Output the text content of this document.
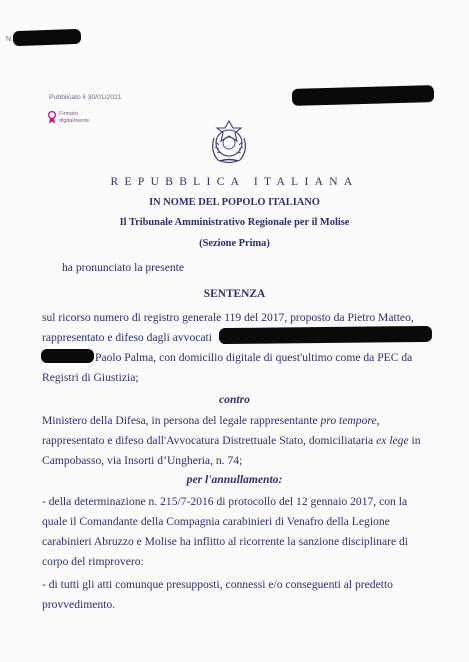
N.
Pubblicato il 30/01/2021
Firmato
digitalmente
REPUBBLICA ITALIANA
IN NOME DEL POPOLO ITALIANO
Il Tribunale Amministrativo Regionale per il Molise
(Sezione Prima)
ha pronunciato la presente
SENTENZA
sul ricorso numero di registro generale 119 del 2017, proposto da Pietro Matteo,
rappresentato e difeso dagli avvocati
Paolo Palma, con domicilio digitale di quest'ultimo come da PEC da
Registri di Giustizia;
contro
Ministero della Difesa, in persona del legale rappresentante pro tempore,
rappresentato e difeso dall'Avvocatura Distrettuale Stato, domiciliataria ex lege in
Campobasso, via Insorti d’Ungheria, n. 74;
per l'annullamento:
- della determinazione n. 215/7-2016 di protocollo del 12 gennaio 2017, con la
quale il Comandante della Compagnia carabinieri di Venafro della Legione
carabinieri Abruzzo e Molise ha inflitto al ricorrente la sanzione disciplinare di
corpo del rimprovero:
- di tutti gli atti comunque presupposti, connessi e/o conseguenti al predetto
provvedimento.
